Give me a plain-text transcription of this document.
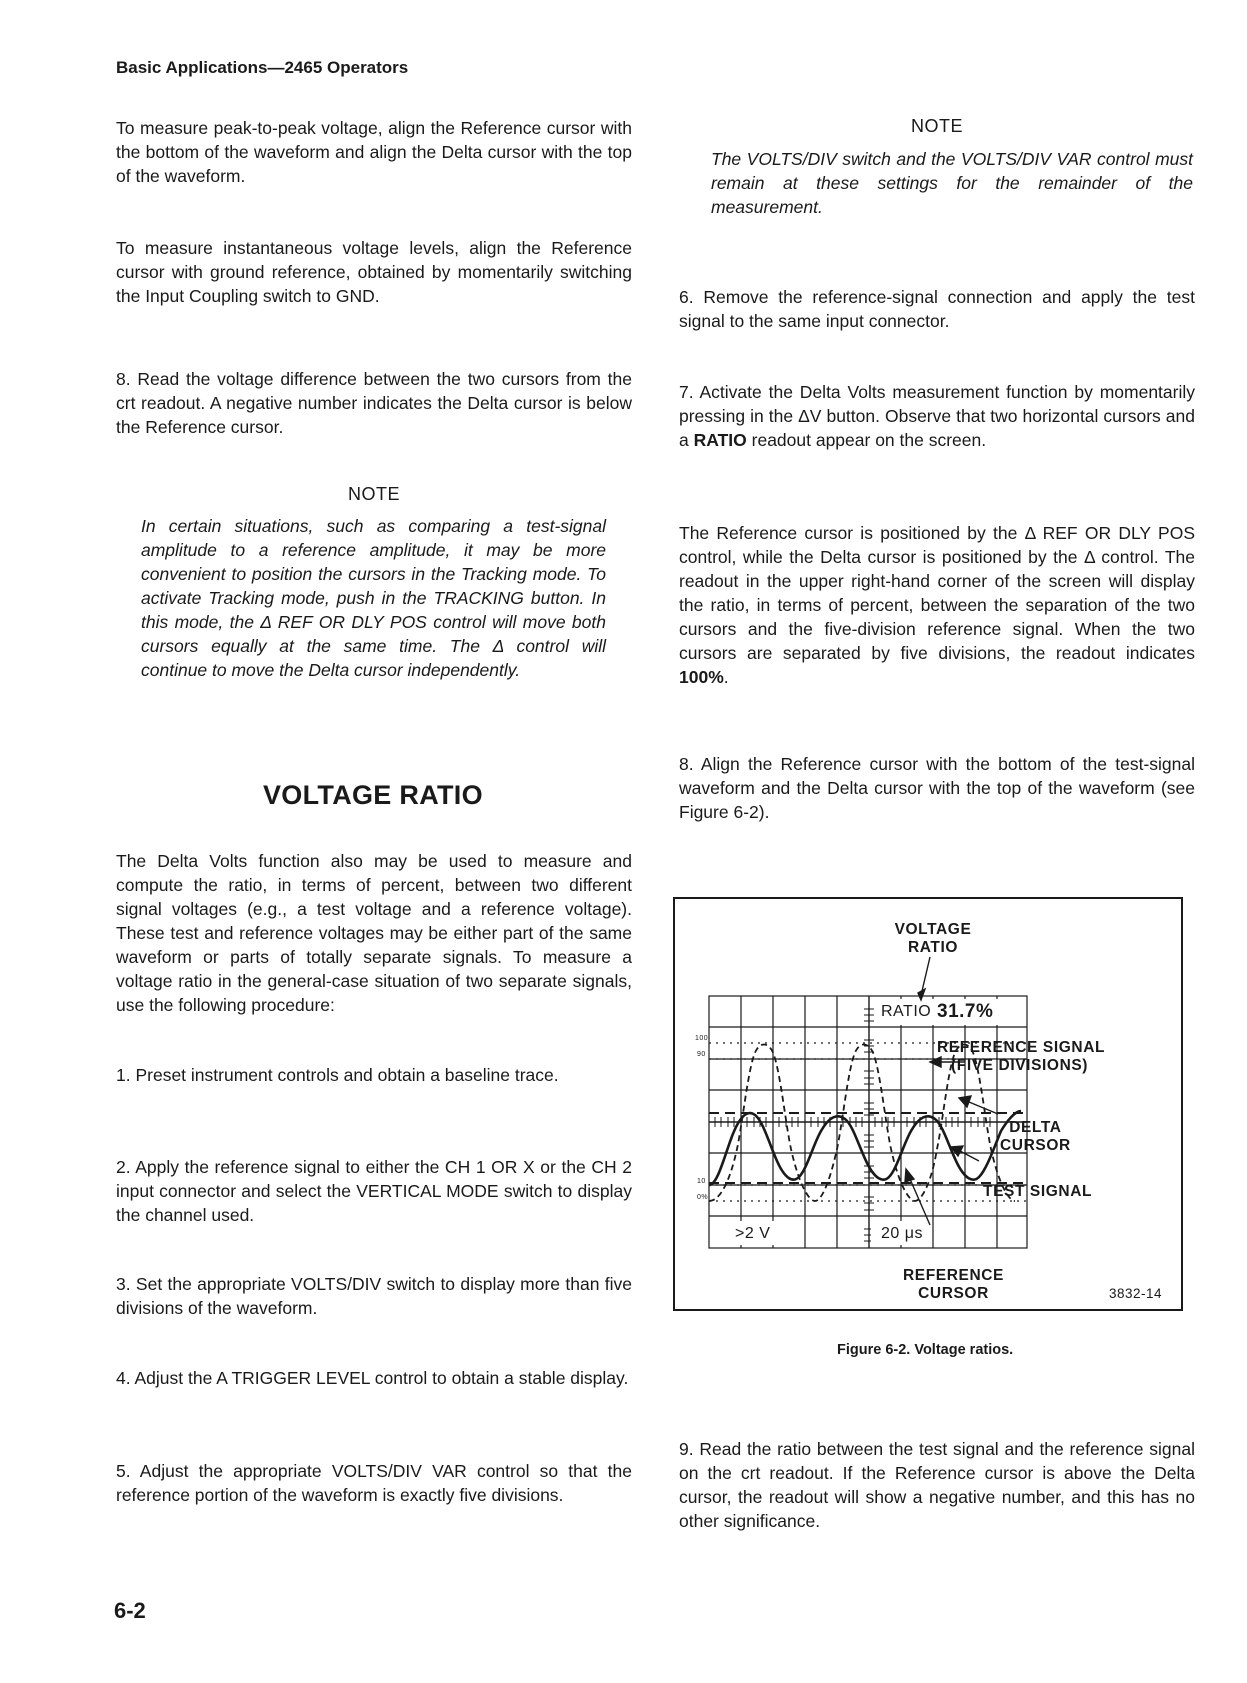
Basic Applications—2465 Operators

To measure peak-to-peak voltage, align the Reference cursor with the bottom of the waveform and align the Delta cursor with the top of the waveform.

To measure instantaneous voltage levels, align the Reference cursor with ground reference, obtained by momentarily switching the Input Coupling switch to GND.

8. Read the voltage difference between the two cursors from the crt readout. A negative number indicates the Delta cursor is below the Reference cursor.

NOTE

In certain situations, such as comparing a test-signal amplitude to a reference amplitude, it may be more convenient to position the cursors in the Tracking mode. To activate Tracking mode, push in the TRACKING button. In this mode, the Δ REF OR DLY POS control will move both cursors equally at the same time. The Δ control will continue to move the Delta cursor independently.

VOLTAGE RATIO

The Delta Volts function also may be used to measure and compute the ratio, in terms of percent, between two different signal voltages (e.g., a test voltage and a reference voltage). These test and reference voltages may be either part of the same waveform or parts of totally separate signals. To measure a voltage ratio in the general-case situation of two separate signals, use the following procedure:

1. Preset instrument controls and obtain a baseline trace.

2. Apply the reference signal to either the CH 1 OR X or the CH 2 input connector and select the VERTICAL MODE switch to display the channel used.

3. Set the appropriate VOLTS/DIV switch to display more than five divisions of the waveform.

4. Adjust the A TRIGGER LEVEL control to obtain a stable display.

5. Adjust the appropriate VOLTS/DIV VAR control so that the reference portion of the waveform is exactly five divisions.

6-2
NOTE

The VOLTS/DIV switch and the VOLTS/DIV VAR control must remain at these settings for the remainder of the measurement.

6. Remove the reference-signal connection and apply the test signal to the same input connector.

7. Activate the Delta Volts measurement function by momentarily pressing in the ΔV button. Observe that two horizontal cursors and a RATIO readout appear on the screen.

The Reference cursor is positioned by the Δ REF OR DLY POS control, while the Delta cursor is positioned by the Δ control. The readout in the upper right-hand corner of the screen will display the ratio, in terms of percent, between the separation of the two cursors and the five-division reference signal. When the two cursors are separated by five divisions, the readout indicates 100%.

8. Align the Reference cursor with the bottom of the test-signal waveform and the Delta cursor with the top of the waveform (see Figure 6-2).

VOLTAGE
RATIO
RATIO 31.7%
>2 V	20 μs
100
90
10
0%
REFERENCE SIGNAL
(FIVE DIVISIONS)
DELTA
CURSOR
TEST SIGNAL
REFERENCE
CURSOR	3832-14
Figure 6-2. Voltage ratios.

9. Read the ratio between the test signal and the reference signal on the crt readout. If the Reference cursor is above the Delta cursor, the readout will show a negative number, and this has no other significance.
